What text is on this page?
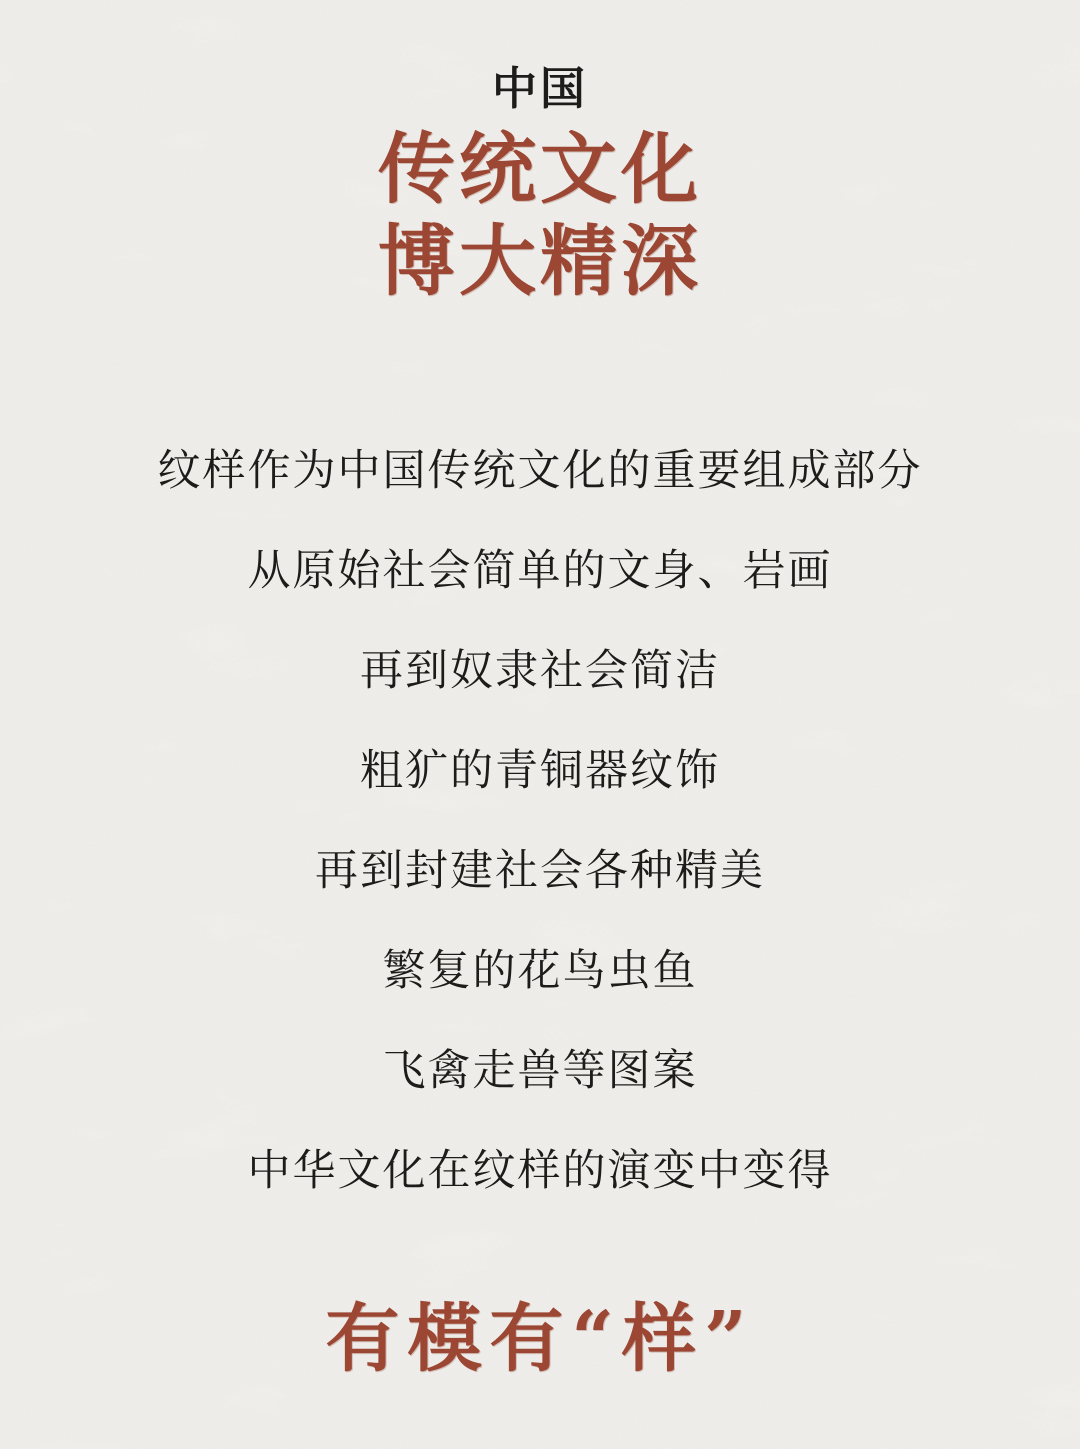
中国
传统文化
博大精深

纹样作为中国传统文化的重要组成部分

从原始社会简单的文身、岩画

再到奴隶社会简洁

粗犷的青铜器纹饰

再到封建社会各种精美

繁复的花鸟虫鱼

飞禽走兽等图案

中华文化在纹样的演变中变得

有模有“样”
